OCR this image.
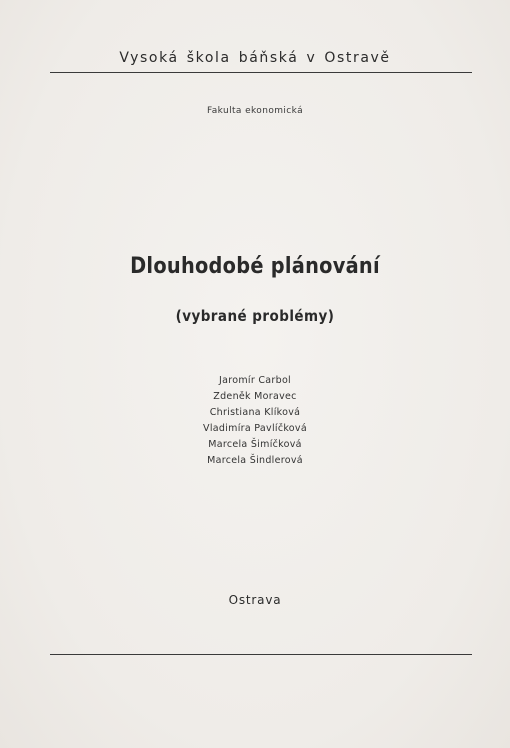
Vysoká škola báňská v Ostravě
Fakulta ekonomická
Dlouhodobé plánování
(vybrané problémy)
Jaromír Carbol
Zdeněk Moravec
Christiana Klíková
Vladimíra Pavlíčková
Marcela Šimíčková
Marcela Šindlerová
Ostrava
